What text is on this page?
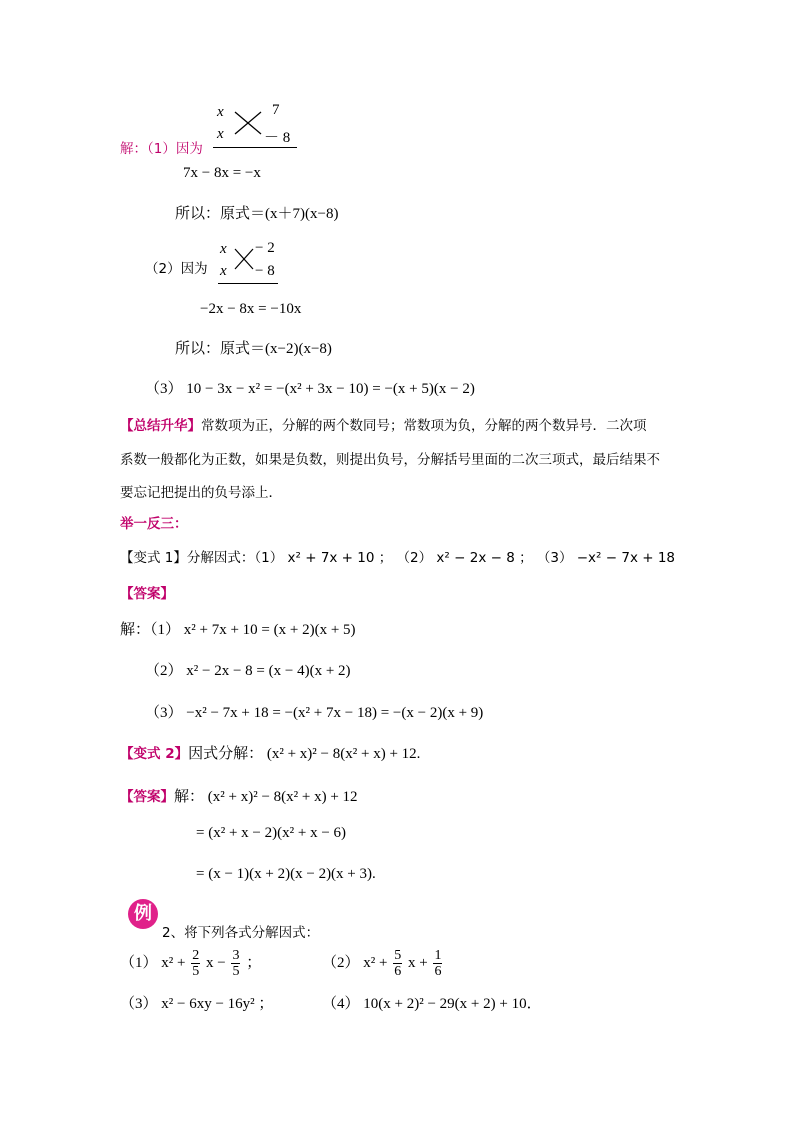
x
x
7
－ 8
解：（1）因为
7x − 8x = −x
所以：原式＝(x＋7)(x−8)
（2）因为
x
x
− 2
− 8
−2x − 8x = −10x
所以：原式＝(x−2)(x−8)
（3） 10 − 3x − x² = −(x² + 3x − 10) = −(x + 5)(x − 2)
【总结升华】常数项为正，分解的两个数同号；常数项为负，分解的两个数异号．二次项
系数一般都化为正数，如果是负数，则提出负号，分解括号里面的二次三项式，最后结果不
要忘记把提出的负号添上．
举一反三：
【变式 1】分解因式：（1） x² + 7x + 10 ； （2） x² − 2x − 8 ； （3） −x² − 7x + 18
【答案】
解：（1） x² + 7x + 10 = (x + 2)(x + 5)
（2） x² − 2x − 8 = (x − 4)(x + 2)
（3） −x² − 7x + 18 = −(x² + 7x − 18) = −(x − 2)(x + 9)
【变式 2】因式分解： (x² + x)² − 8(x² + x) + 12.
【答案】解： (x² + x)² − 8(x² + x) + 12
= (x² + x − 2)(x² + x − 6)
= (x − 1)(x + 2)(x − 2)(x + 3).
例
2、将下列各式分解因式：
（1） $x^2 + \frac{2}{5}$ $x - \frac{3}{5}$ ；	（2） $x^2 + \frac{5}{6}$ $x + \frac{1}{6}$
（3） x² − 6xy − 16y² ；	（4） 10(x + 2)² − 29(x + 2) + 10．
